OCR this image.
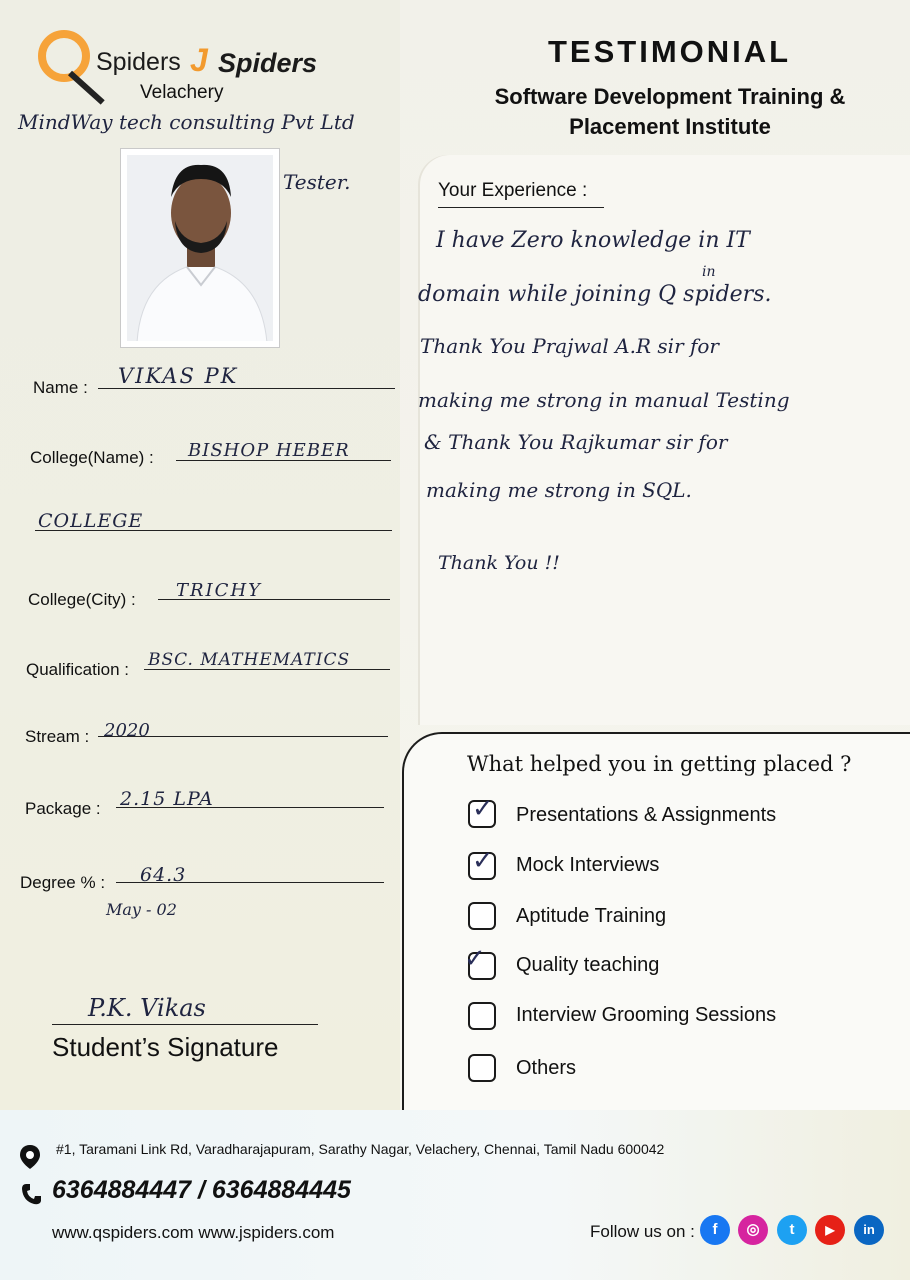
Spiders J Spiders
Velachery
MindWay tech consulting Pvt Ltd
TESTIMONIAL
Software Development Training &
Placement Institute
Tester.
Name : VIKAS PK
College(Name) : BISHOP HEBER
COLLEGE
College(City) : TRICHY
Qualification : BSC. MATHEMATICS
Stream : 2020
Package : 2.15 LPA
Degree % : 64.3
May - 02
P.K. Vikas
Student’s Signature
Your Experience :
I have Zero knowledge in IT
in
domain while joining Q spiders.
Thank You Prajwal A.R sir for
making me strong in manual Testing
& Thank You Rajkumar sir for
making me strong in SQL.
Thank You !!
What helped you in getting placed ?
✓ Presentations & Assignments
✓ Mock Interviews
Aptitude Training
✓ Quality teaching
Interview Grooming Sessions
Others
#1, Taramani Link Rd, Varadharajapuram, Sarathy Nagar, Velachery, Chennai, Tamil Nadu 600042
6364884447 / 6364884445
www.qspiders.com www.jspiders.com	Follow us on :	f	◎	t	▶	in
